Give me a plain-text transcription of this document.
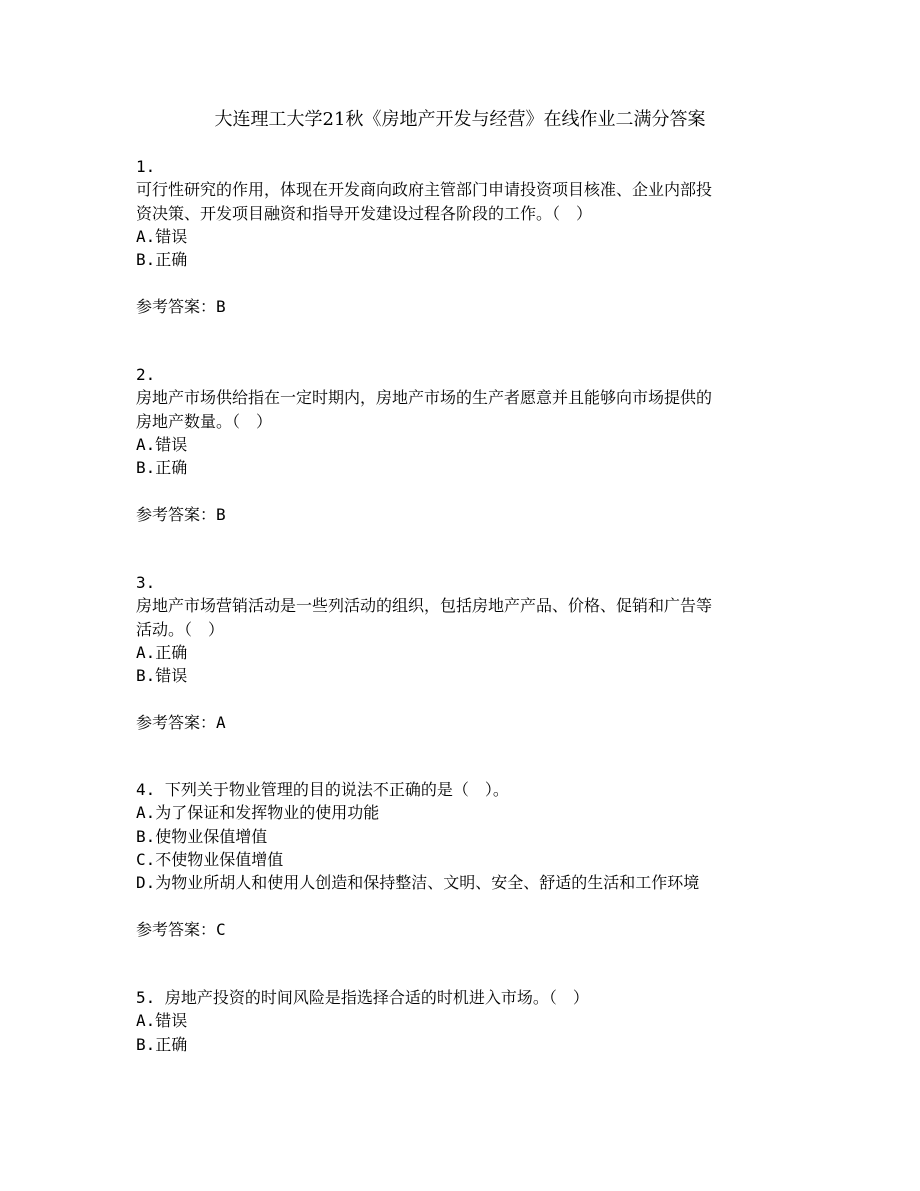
大连理工大学21秋《房地产开发与经营》在线作业二满分答案
1.
可行性研究的作用，体现在开发商向政府主管部门申请投资项目核准、企业内部投
资决策、开发项目融资和指导开发建设过程各阶段的工作。（　）
A.错误
B.正确
参考答案：B
2.
房地产市场供给指在一定时期内，房地产市场的生产者愿意并且能够向市场提供的
房地产数量。（　）
A.错误
B.正确
参考答案：B
3.
房地产市场营销活动是一些列活动的组织，包括房地产产品、价格、促销和广告等
活动。（　）
A.正确
B.错误
参考答案：A
4. 下列关于物业管理的目的说法不正确的是（　）。
A.为了保证和发挥物业的使用功能
B.使物业保值增值
C.不使物业保值增值
D.为物业所胡人和使用人创造和保持整洁、文明、安全、舒适的生活和工作环境
参考答案：C
5. 房地产投资的时间风险是指选择合适的时机进入市场。（　）
A.错误
B.正确
